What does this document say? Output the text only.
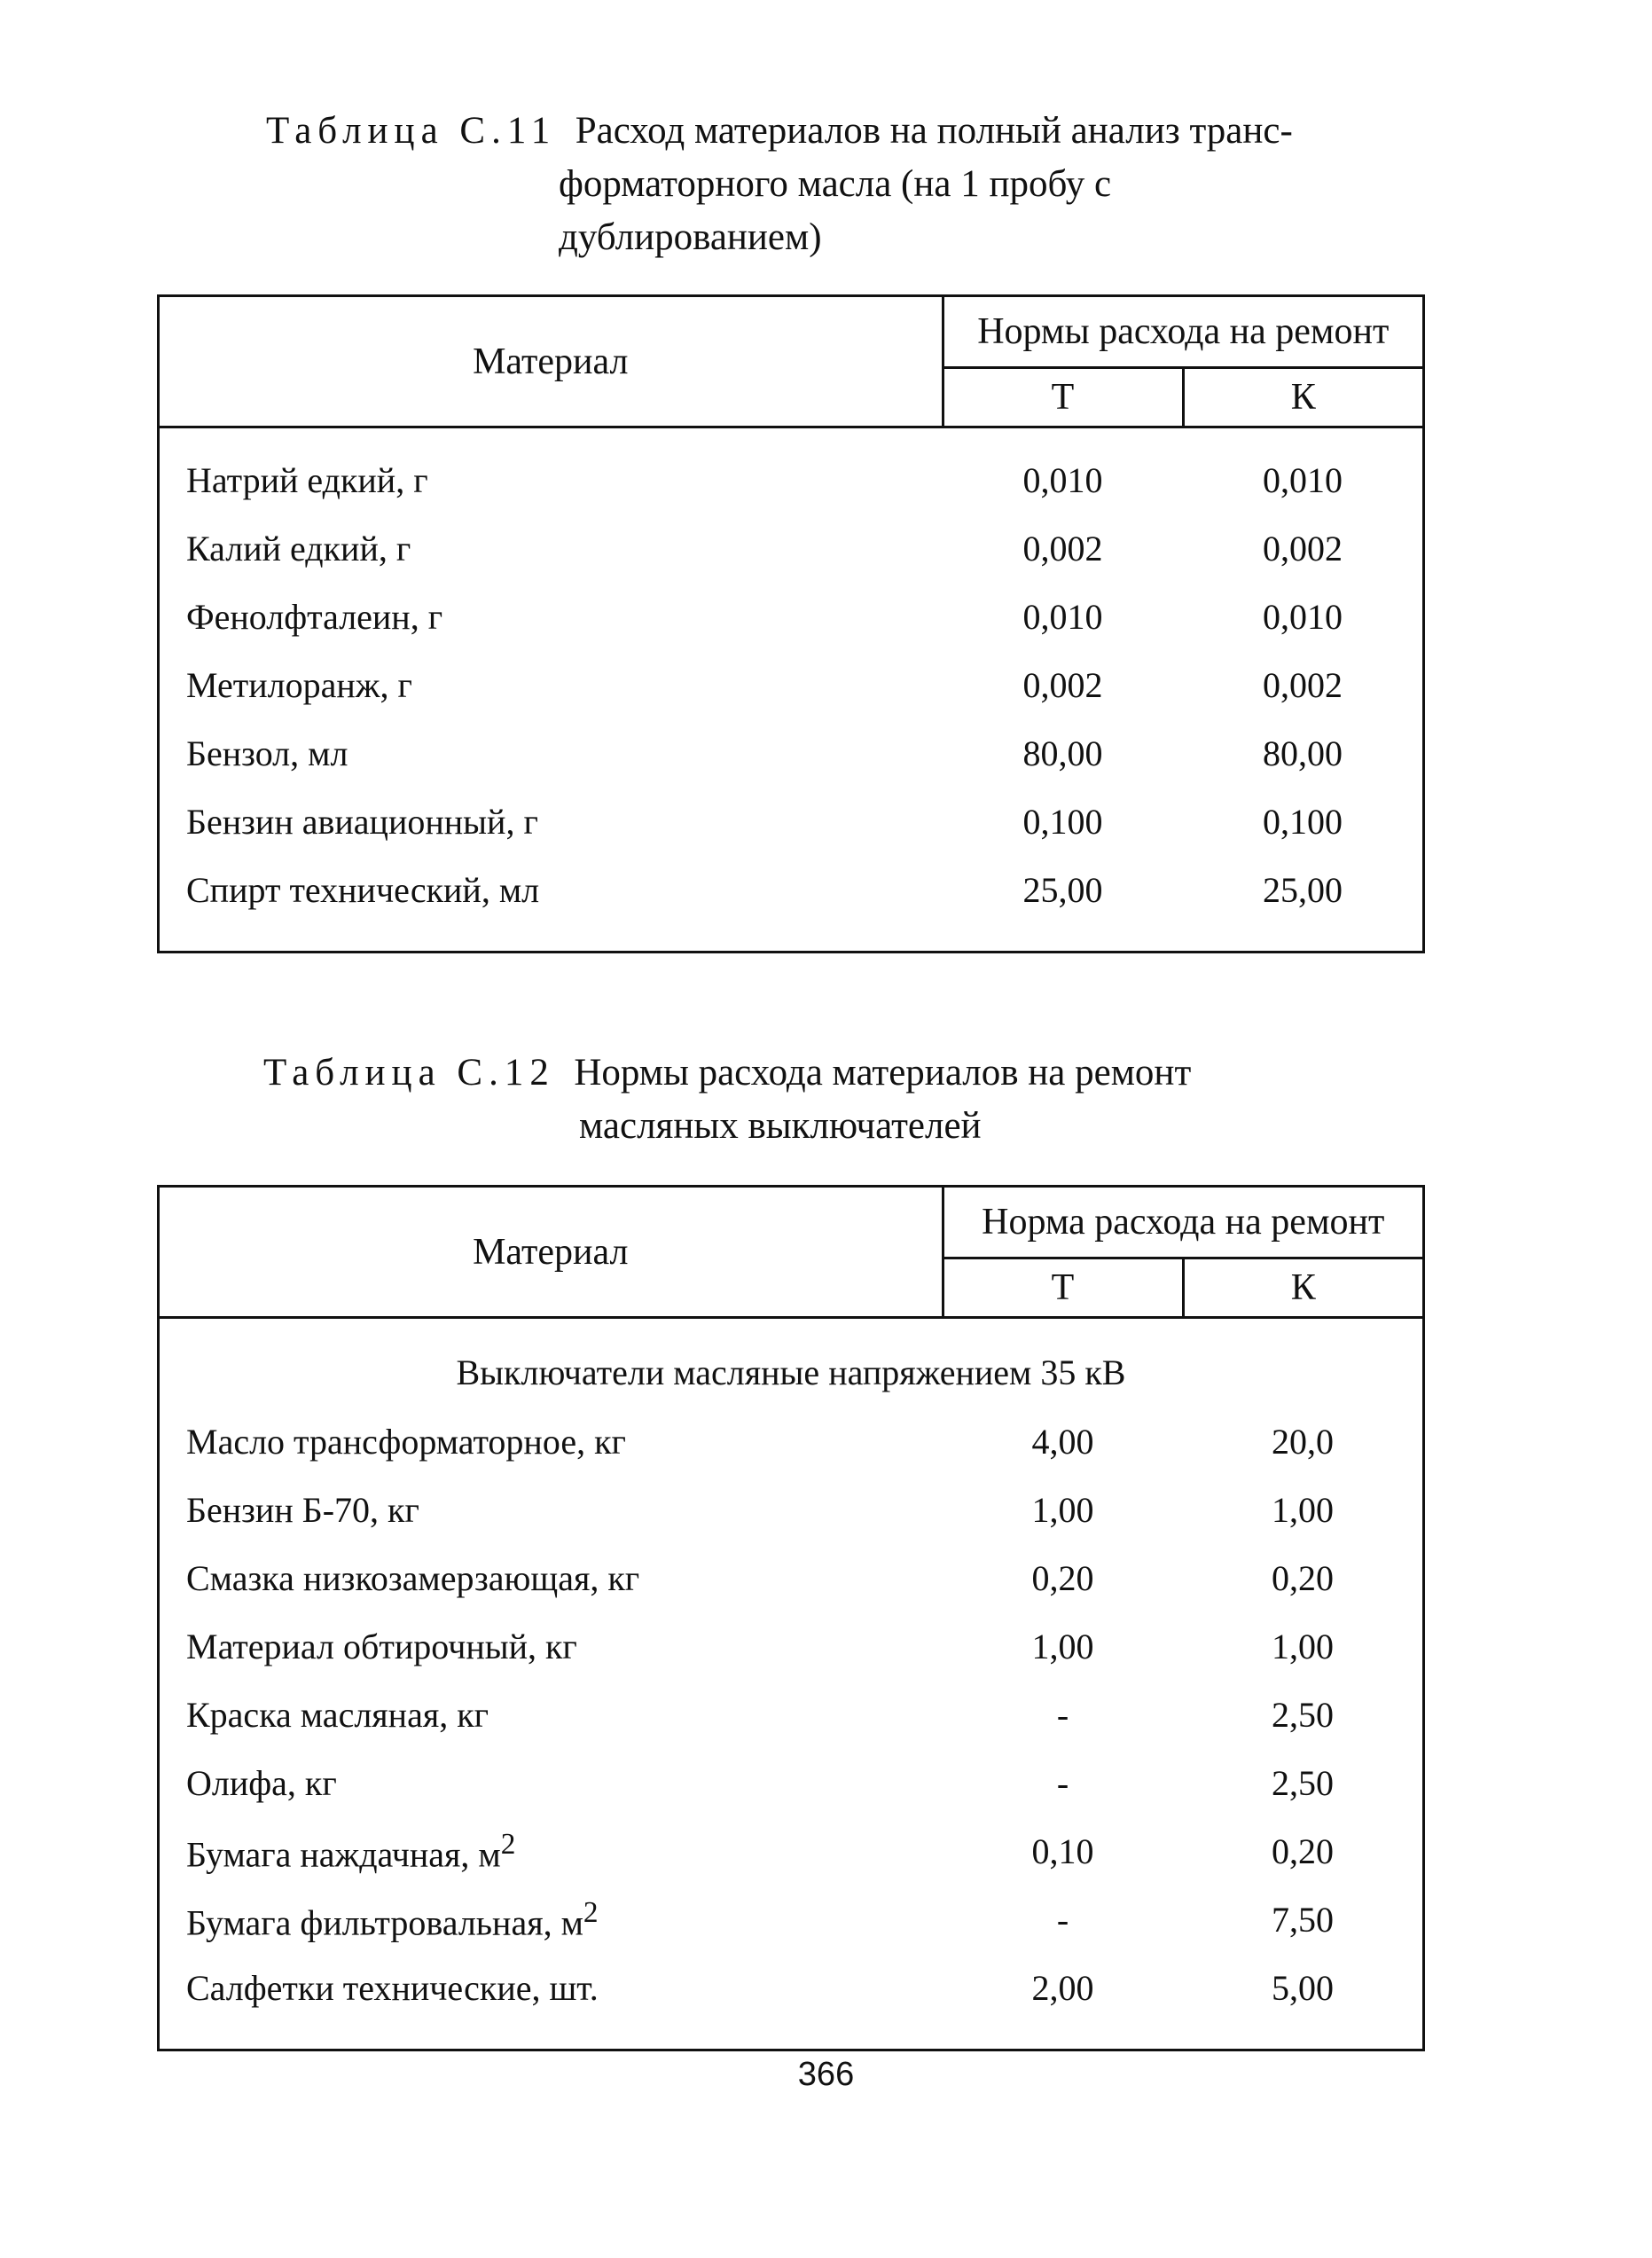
Таблица С.11 Расход материалов на полный анализ транс-
форматорного масла (на 1 пробу с
дублированием)
Материал	Нормы расхода на ремонт	
	Т	К

Натрий едкий, г	0,010	0,010
Калий едкий, г	0,002	0,002
Фенолфталеин, г	0,010	0,010
Метилоранж, г	0,002	0,002
Бензол, мл	80,00	80,00
Бензин авиационный, г	0,100	0,100
Спирт технический, мл	25,00	25,00

Таблица С.12 Нормы расхода материалов на ремонт
масляных выключателей
Материал	Норма расхода на ремонт	
	Т	К

Выключатели масляные напряжением 35 кВ		
Масло трансформаторное, кг	4,00	20,0
Бензин Б-70, кг	1,00	1,00
Смазка низкозамерзающая, кг	0,20	0,20
Материал обтирочный, кг	1,00	1,00
Краска масляная, кг	-	2,50
Олифа, кг	-	2,50
Бумага наждачная, $м^2$	0,10	0,20
Бумага фильтровальная, $м^2$	-	7,50
Салфетки технические, шт.	2,00	5,00

366
